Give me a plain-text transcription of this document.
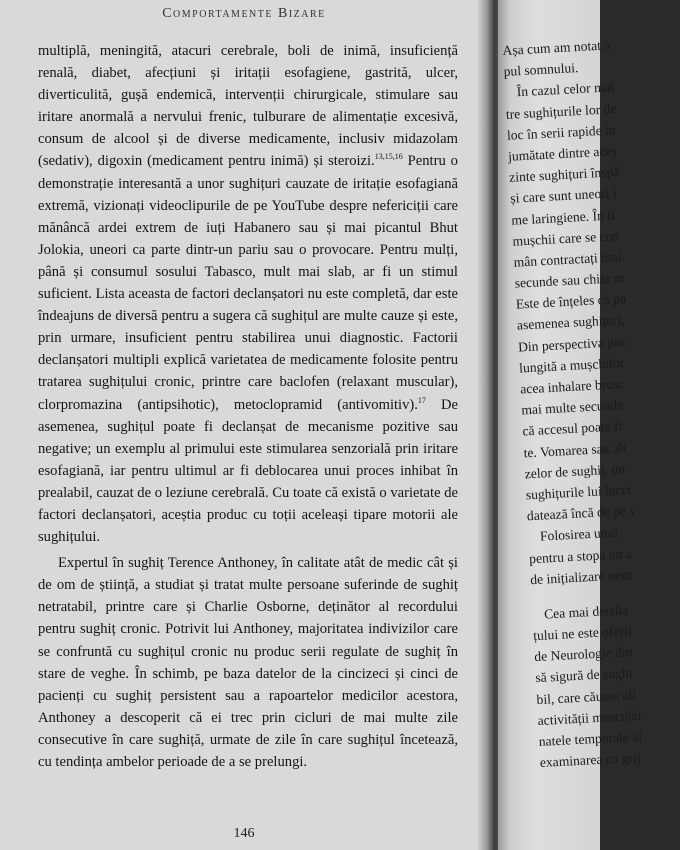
Comportamente Bizare

multiplă, meningită, atacuri cerebrale, boli de inimă, insuficiență renală, diabet, afecțiuni și iritații esofagiene, gastrită, ulcer, diverticulită, gușă endemică, intervenții chirurgicale, stimulare sau iritare anormală a nervului frenic, tulburare de alimentație excesivă, consum de alcool și de diverse medicamente, inclusiv midazolam (sedativ), digoxin (medicament pentru inimă) și steroizi.$^{13,15,16}$ Pentru o demonstrație interesantă a unor sughițuri cauzate de iritație esofagiană extremă, vizionați videoclipurile de pe YouTube despre nefericiții care mănâncă ardei extrem de iuți Habanero sau și mai picantul Bhut Jolokia, uneori ca parte dintr-un pariu sau o provocare. Pentru mulți, până și consumul sosului Tabasco, mult mai slab, ar fi un stimul suficient. Lista aceasta de factori declanșatori nu este completă, dar este îndeajuns de diversă pentru a sugera că sughițul are multe cauze și este, prin urmare, insuficient pentru stabilirea unui diagnostic. Factorii declanșatori multipli explică varietatea de medicamente folosite pentru tratarea sughițului cronic, printre care baclofen (relaxant muscular), clorpromazina (antipsihotic), metoclopramid (antivomitiv).$^{17}$ De asemenea, sughițul poate fi declanșat de mecanisme pozitive sau negative; un exemplu al primului este stimularea senzorială prin iritare esofagiană, iar pentru ultimul ar fi deblocarea unui proces inhibat în prealabil, cauzat de o leziune cerebrală. Cu toate că există o varietate de factori declanșatori, aceștia produc cu toții aceleași tipare motorii ale sughițului.

Expertul în sughiț Terence Anthoney, în calitate atât de medic cât și de om de știință, a studiat și tratat multe persoane suferinde de sughiț netratabil, printre care și Charlie Osborne, deținător al recordului pentru sughiț cronic. Potrivit lui Anthoney, majoritatea indivizilor care se confruntă cu sughițul cronic nu produc serii regulate de sughiț în stare de veghe. În schimb, pe baza datelor de la cincizeci și cinci de pacienți cu sughiț persistent sau a rapoartelor medicilor acestora, Anthoney a descoperit că ei trec prin cicluri de mai multe zile consecutive în care sughiță, urmate de zile în care sughițul încetează, cu tendința ambelor perioade de a se prelungi.

146
Așa cum am notat a
pul somnului.
În cazul celor mai
tre sughițurile lor de
loc în serii rapide în
jumătate dintre aceș
zinte sughițuri înspă
și care sunt uneori i
me laringiene. În ti
mușchii care se con
mân contractați mai
secunde sau chiar m
Este de înțeles că pa
asemenea sughițuri,
Din perspectiva pac
lungită a mușchilor
acea inhalare brusc
mai multe secunde
că accesul poate fi
te. Vomarea sau alt
zelor de sughiț, un
sughițurile lui încet
datează încă de pe v
Folosirea unui
pentru a stopa un a
de inițializare neur
Cea mai detalia
țului ne este oferit
de Neurologie din
să sigură de sughi
bil, care căutau ali
activității musculai
natele temporale al
examinarea cu grij
